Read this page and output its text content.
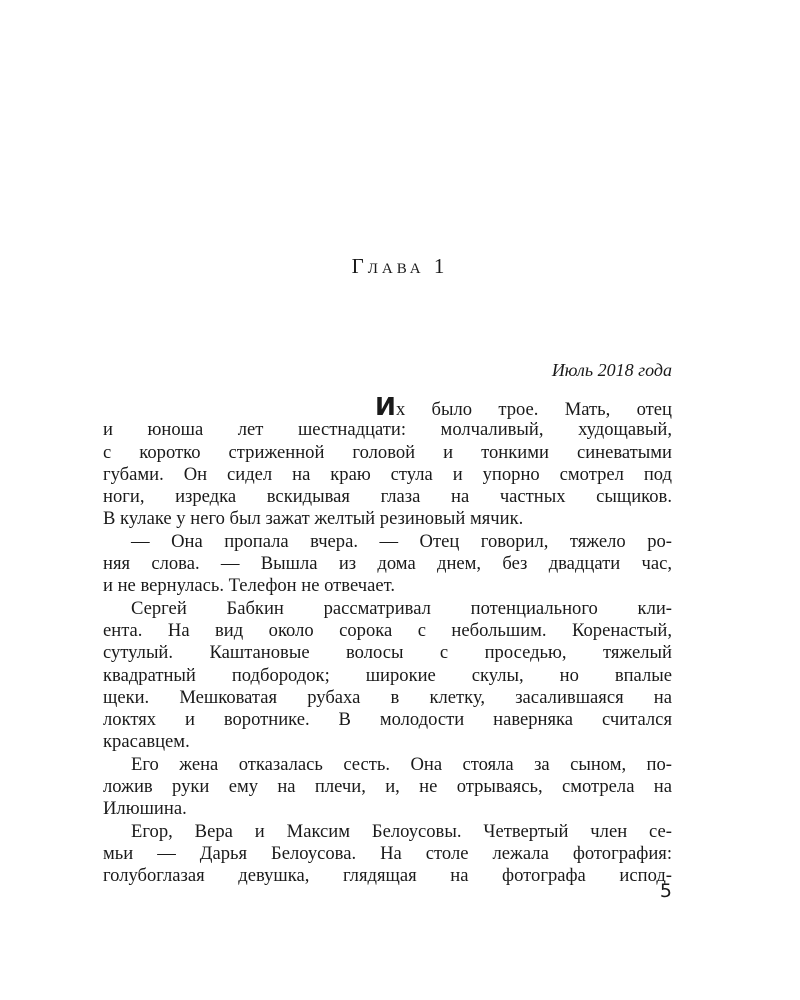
Глава 1
Июль 2018 года
Их было трое. Мать, отец
и юноша лет шестнадцати: молчаливый, худощавый,
с коротко стриженной головой и тонкими синеватыми
губами. Он сидел на краю стула и упорно смотрел под
ноги, изредка вскидывая глаза на частных сыщиков.
В кулаке у него был зажат желтый резиновый мячик.
— Она пропала вчера. — Отец говорил, тяжело ро-
няя слова. — Вышла из дома днем, без двадцати час,
и не вернулась. Телефон не отвечает.
Сергей Бабкин рассматривал потенциального кли-
ента. На вид около сорока с небольшим. Коренастый,
сутулый. Каштановые волосы с проседью, тяжелый
квадратный подбородок; широкие скулы, но впалые
щеки. Мешковатая рубаха в клетку, засалившаяся на
локтях и воротнике. В молодости наверняка считался
красавцем.
Его жена отказалась сесть. Она стояла за сыном, по-
ложив руки ему на плечи, и, не отрываясь, смотрела на
Илюшина.
Егор, Вера и Максим Белоусовы. Четвертый член се-
мьи — Дарья Белоусова. На столе лежала фотография:
голубоглазая девушка, глядящая на фотографа испод-
5
